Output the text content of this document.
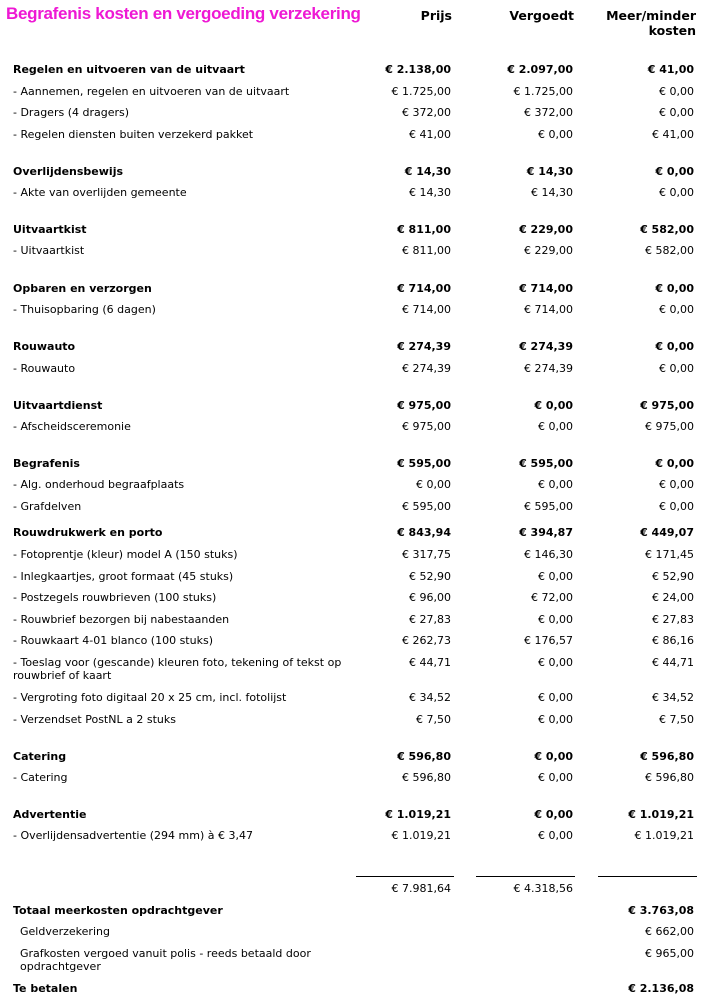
Begrafenis kosten en vergoeding verzekering	Prijs	Vergoedt	Meer/minder
kosten
Regelen en uitvoeren van de uitvaart	€ 2.138,00	€ 2.097,00	€ 41,00
- Aannemen, regelen en uitvoeren van de uitvaart	€ 1.725,00	€ 1.725,00	€ 0,00
- Dragers (4 dragers)	€ 372,00	€ 372,00	€ 0,00
- Regelen diensten buiten verzekerd pakket	€ 41,00	€ 0,00	€ 41,00
Overlijdensbewijs	€ 14,30	€ 14,30	€ 0,00
- Akte van overlijden gemeente	€ 14,30	€ 14,30	€ 0,00
Uitvaartkist	€ 811,00	€ 229,00	€ 582,00
- Uitvaartkist	€ 811,00	€ 229,00	€ 582,00
Opbaren en verzorgen	€ 714,00	€ 714,00	€ 0,00
- Thuisopbaring (6 dagen)	€ 714,00	€ 714,00	€ 0,00
Rouwauto	€ 274,39	€ 274,39	€ 0,00
- Rouwauto	€ 274,39	€ 274,39	€ 0,00
Uitvaartdienst	€ 975,00	€ 0,00	€ 975,00
- Afscheidsceremonie	€ 975,00	€ 0,00	€ 975,00
Begrafenis	€ 595,00	€ 595,00	€ 0,00
- Alg. onderhoud begraafplaats	€ 0,00	€ 0,00	€ 0,00
- Grafdelven	€ 595,00	€ 595,00	€ 0,00
Rouwdrukwerk en porto	€ 843,94	€ 394,87	€ 449,07
- Fotoprentje (kleur) model A (150 stuks)	€ 317,75	€ 146,30	€ 171,45
- Inlegkaartjes, groot formaat (45 stuks)	€ 52,90	€ 0,00	€ 52,90
- Postzegels rouwbrieven (100 stuks)	€ 96,00	€ 72,00	€ 24,00
- Rouwbrief bezorgen bij nabestaanden	€ 27,83	€ 0,00	€ 27,83
- Rouwkaart 4-01 blanco (100 stuks)	€ 262,73	€ 176,57	€ 86,16
- Toeslag voor (gescande) kleuren foto, tekening of tekst op rouwbrief of kaart
€ 44,71	€ 0,00	€ 44,71
- Vergroting foto digitaal 20 x 25 cm, incl. fotolijst	€ 34,52	€ 0,00	€ 34,52
- Verzendset PostNL a 2 stuks	€ 7,50	€ 0,00	€ 7,50
Catering	€ 596,80	€ 0,00	€ 596,80
- Catering	€ 596,80	€ 0,00	€ 596,80
Advertentie	€ 1.019,21	€ 0,00	€ 1.019,21
- Overlijdensadvertentie (294 mm) à € 3,47	€ 1.019,21	€ 0,00	€ 1.019,21
€ 7.981,64	€ 4.318,56
Totaal meerkosten opdrachtgever	€ 3.763,08
Geldverzekering	€ 662,00
Grafkosten vergoed vanuit polis - reeds betaald door opdrachtgever
€ 965,00
Te betalen	€ 2.136,08
